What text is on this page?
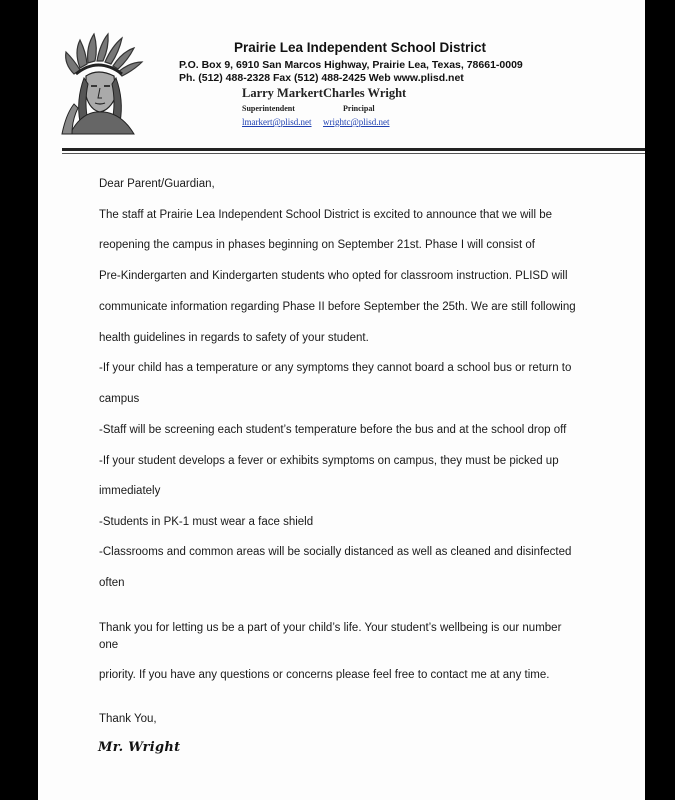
Prairie Lea Independent School District
P.O. Box 9, 6910 San Marcos Highway, Prairie Lea, Texas, 78661-0009
Ph. (512) 488-2328 Fax (512) 488-2425 Web www.plisd.net
Larry Markert
Superintendent
lmarkert@plisd.net
Charles Wright
Principal
wrightc@plisd.net
Dear Parent/Guardian,
The staff at Prairie Lea Independent School District is excited to announce that we will be
reopening the campus in phases beginning on September 21st. Phase I will consist of
Pre-Kindergarten and Kindergarten students who opted for classroom instruction. PLISD will
communicate information regarding Phase II before September the 25th. We are still following
health guidelines in regards to safety of your student.
-If your child has a temperature or any symptoms they cannot board a school bus or return to
campus
-Staff will be screening each student’s temperature before the bus and at the school drop off
-If your student develops a fever or exhibits symptoms on campus, they must be picked up
immediately
-Students in PK-1 must wear a face shield
-Classrooms and common areas will be socially distanced as well as cleaned and disinfected
often
Thank you for letting us be a part of your child’s life. Your student’s wellbeing is our number
one
priority. If you have any questions or concerns please feel free to contact me at any time.
Thank You,
Mr. Wright
